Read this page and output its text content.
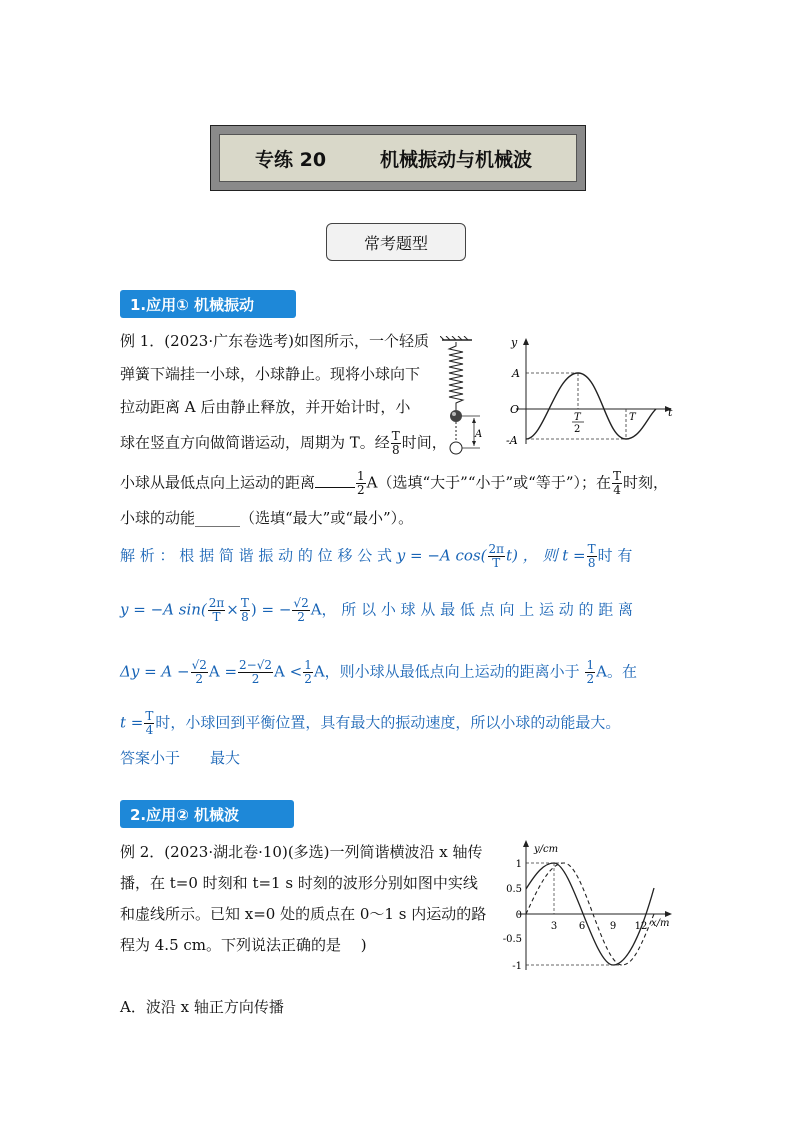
专练 20	机械振动与机械波
常考题型
1.应用① 机械振动
例 1．(2023·广东卷选考)如图所示，一个轻质
弹簧下端挂一小球，小球静止。现将小球向下
拉动距离 A 后由静止释放，并开始计时，小
球在竖直方向做简谐运动，周期为 T。经 $\frac{T}{8}$ 时间，
小球从最低点向上运动的距离	$\frac{1}{2} A$（选填“大于”“小于”或“等于”）；在 $\frac{T}{4}$ 时刻，
小球的动能______（选填“最大”或“最小”）。
A
y
t
A
O
-A
T
2
T
解 析 ： 根 据 简 谐 振 动 的 位 移 公 式 y = −A $\cos( \frac{2\pi}{T} t)$ ， 则 $t = \frac{T}{8}$ 时 有
y = −A $\sin( \frac{2\pi}{T} \times \frac{T}{8}$ ) = − $\frac{√2}{2}$ A， 所 以 小 球 从 最 低 点 向 上 运 动 的 距 离
$\Delta y = A - \frac{√2}{2}$ $A = \frac{2-√2}{2}$ $A < \frac{1}{2}$ A，则小球从最低点向上运动的距离小于 $\frac{1}{2}$ A。在
$t = \frac{T}{4}$ 时，小球回到平衡位置，具有最大的振动速度，所以小球的动能最大。
答案小于 最大
2.应用② 机械波
例 2．(2023·湖北卷·10)(多选)一列简谐横波沿 x 轴传
播，在 t=0 时刻和 t=1 s 时刻的波形分别如图中实线
和虚线所示。已知 x=0 处的质点在 0～1 s 内运动的路
程为 4.5 cm。下列说法正确的是　 )
y/cm
x/m
1
0.5
0
-0.5
-1
3 6 9 12
A．波沿 x 轴正方向传播
